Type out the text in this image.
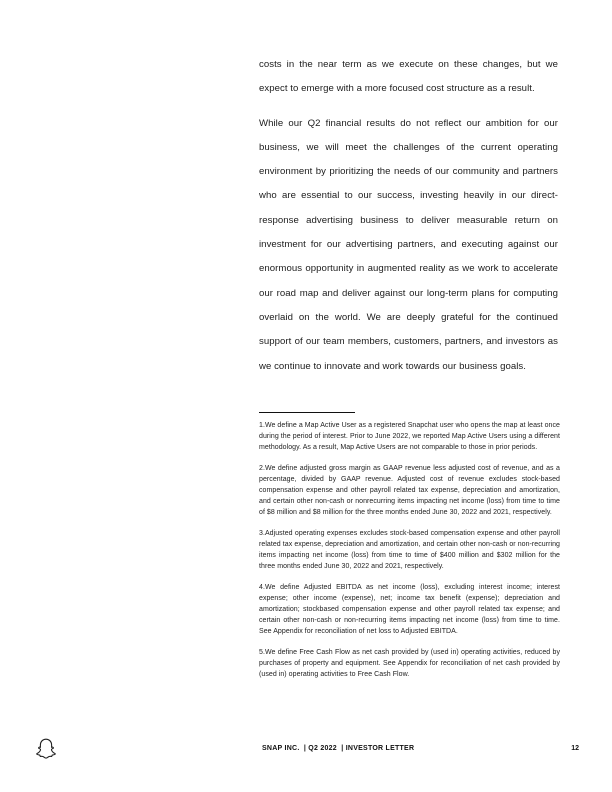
costs in the near term as we execute on these changes, but we expect to emerge with a more focused cost structure as a result.

While our Q2 financial results do not reflect our ambition for our business, we will meet the challenges of the current operating environment by prioritizing the needs of our community and partners who are essential to our success, investing heavily in our direct-response advertising business to deliver measurable return on investment for our advertising partners, and executing against our enormous opportunity in augmented reality as we work to accelerate our road map and deliver against our long-term plans for computing overlaid on the world. We are deeply grateful for the continued support of our team members, customers, partners, and investors as we continue to innovate and work towards our business goals.

1.We define a Map Active User as a registered Snapchat user who opens the map at least once during the period of interest. Prior to June 2022, we reported Map Active Users using a different methodology. As a result, Map Active Users are not comparable to those in prior periods.

2.We define adjusted gross margin as GAAP revenue less adjusted cost of revenue, and as a percentage, divided by GAAP revenue. Adjusted cost of revenue excludes stock-based compensation expense and other payroll related tax expense, depreciation and amortization, and certain other non-cash or nonrecurring items impacting net income (loss) from time to time of $8 million and $8 million for the three months ended June 30, 2022 and 2021, respectively.

3.Adjusted operating expenses excludes stock-based compensation expense and other payroll related tax expense, depreciation and amortization, and certain other non-cash or non-recurring items impacting net income (loss) from time to time of $400 million and $302 million for the three months ended June 30, 2022 and 2021, respectively.

4.We define Adjusted EBITDA as net income (loss), excluding interest income; interest expense; other income (expense), net; income tax benefit (expense); depreciation and amortization; stockbased compensation expense and other payroll related tax expense; and certain other non-cash or non-recurring items impacting net income (loss) from time to time. See Appendix for reconciliation of net loss to Adjusted EBITDA.

5.We define Free Cash Flow as net cash provided by (used in) operating activities, reduced by purchases of property and equipment. See Appendix for reconciliation of net cash provided by (used in) operating activities to Free Cash Flow.

SNAP INC.  | Q2 2022  | INVESTOR LETTER	12
